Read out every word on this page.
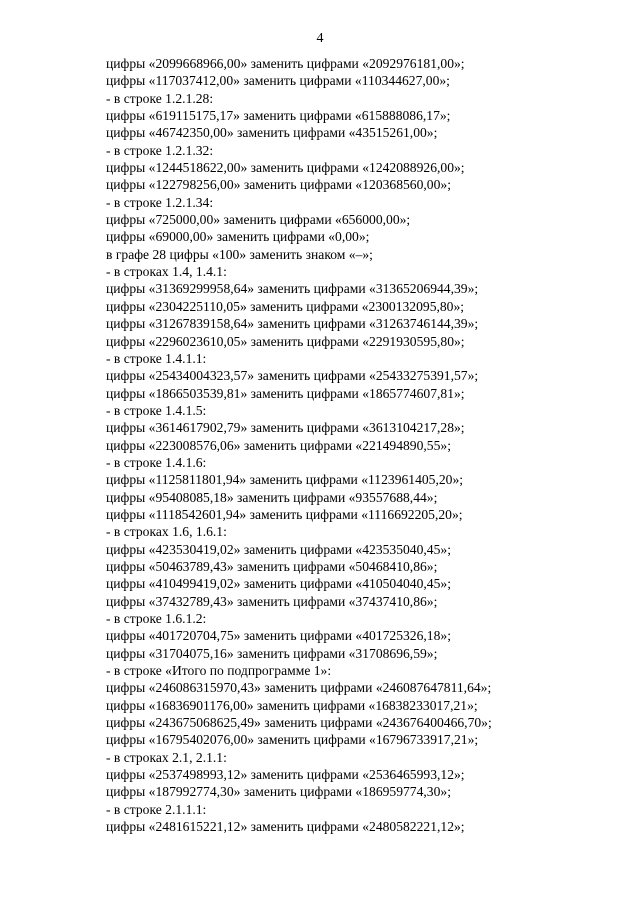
4
цифры «2099668966,00» заменить цифрами «2092976181,00»;
цифры «117037412,00» заменить цифрами «110344627,00»;
- в строке 1.2.1.28:
цифры «619115175,17» заменить цифрами «615888086,17»;
цифры «46742350,00» заменить цифрами «43515261,00»;
- в строке 1.2.1.32:
цифры «1244518622,00» заменить цифрами «1242088926,00»;
цифры «122798256,00» заменить цифрами «120368560,00»;
- в строке 1.2.1.34:
цифры «725000,00» заменить цифрами «656000,00»;
цифры «69000,00» заменить цифрами «0,00»;
в графе 28 цифры «100» заменить знаком «–»;
- в строках 1.4, 1.4.1:
цифры «31369299958,64» заменить цифрами «31365206944,39»;
цифры «2304225110,05» заменить цифрами «2300132095,80»;
цифры «31267839158,64» заменить цифрами «31263746144,39»;
цифры «2296023610,05» заменить цифрами «2291930595,80»;
- в строке 1.4.1.1:
цифры «25434004323,57» заменить цифрами «25433275391,57»;
цифры «1866503539,81» заменить цифрами «1865774607,81»;
- в строке 1.4.1.5:
цифры «3614617902,79» заменить цифрами «3613104217,28»;
цифры «223008576,06» заменить цифрами «221494890,55»;
- в строке 1.4.1.6:
цифры «1125811801,94» заменить цифрами «1123961405,20»;
цифры «95408085,18» заменить цифрами «93557688,44»;
цифры «1118542601,94» заменить цифрами «1116692205,20»;
- в строках 1.6, 1.6.1:
цифры «423530419,02» заменить цифрами «423535040,45»;
цифры «50463789,43» заменить цифрами «50468410,86»;
цифры «410499419,02» заменить цифрами «410504040,45»;
цифры «37432789,43» заменить цифрами «37437410,86»;
- в строке 1.6.1.2:
цифры «401720704,75» заменить цифрами «401725326,18»;
цифры «31704075,16» заменить цифрами «31708696,59»;
- в строке «Итого по подпрограмме 1»:
цифры «246086315970,43» заменить цифрами «246087647811,64»;
цифры «16836901176,00» заменить цифрами «16838233017,21»;
цифры «243675068625,49» заменить цифрами «243676400466,70»;
цифры «16795402076,00» заменить цифрами «16796733917,21»;
- в строках 2.1, 2.1.1:
цифры «2537498993,12» заменить цифрами «2536465993,12»;
цифры «187992774,30» заменить цифрами «186959774,30»;
- в строке 2.1.1.1:
цифры «2481615221,12» заменить цифрами «2480582221,12»;
